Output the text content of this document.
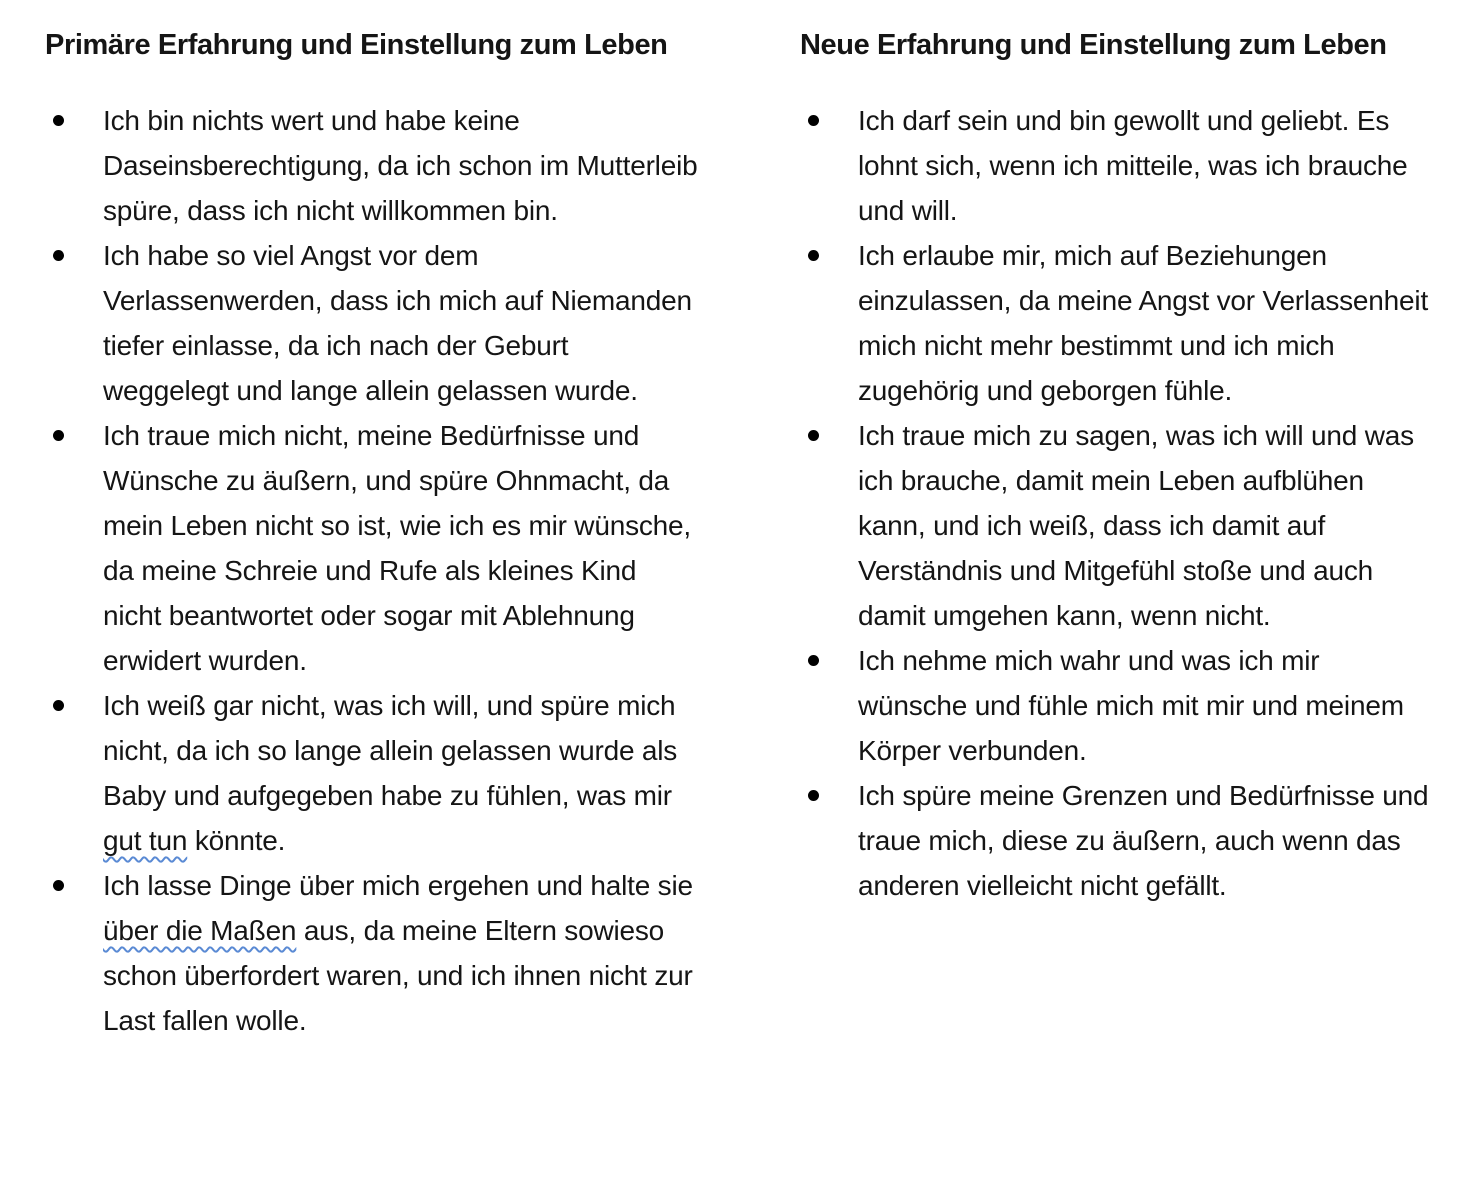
Primäre Erfahrung und Einstellung zum Leben
Ich bin nichts wert und habe keine Daseinsberechtigung, da ich schon im Mutterleib spüre, dass ich nicht willkommen bin.
Ich habe so viel Angst vor dem Verlassenwerden, dass ich mich auf Niemanden tiefer einlasse, da ich nach der Geburt weggelegt und lange allein gelassen wurde.
Ich traue mich nicht, meine Bedürfnisse und Wünsche zu äußern, und spüre Ohnmacht, da mein Leben nicht so ist, wie ich es mir wünsche, da meine Schreie und Rufe als kleines Kind nicht beantwortet oder sogar mit Ablehnung erwidert wurden.
Ich weiß gar nicht, was ich will, und spüre mich nicht, da ich so lange allein gelassen wurde als Baby und aufgegeben habe zu fühlen, was mir gut tun könnte.
Ich lasse Dinge über mich ergehen und halte sie über die Maßen aus, da meine Eltern sowieso schon überfordert waren, und ich ihnen nicht zur Last fallen wolle.
Neue Erfahrung und Einstellung zum Leben
Ich darf sein und bin gewollt und geliebt. Es lohnt sich, wenn ich mitteile, was ich brauche und will.
Ich erlaube mir, mich auf Beziehungen einzulassen, da meine Angst vor Verlassenheit mich nicht mehr bestimmt und ich mich zugehörig und geborgen fühle.
Ich traue mich zu sagen, was ich will und was ich brauche, damit mein Leben aufblühen kann, und ich weiß, dass ich damit auf Verständnis und Mitgefühl stoße und auch damit umgehen kann, wenn nicht.
Ich nehme mich wahr und was ich mir wünsche und fühle mich mit mir und meinem Körper verbunden.
Ich spüre meine Grenzen und Bedürfnisse und traue mich, diese zu äußern, auch wenn das anderen vielleicht nicht gefällt.
